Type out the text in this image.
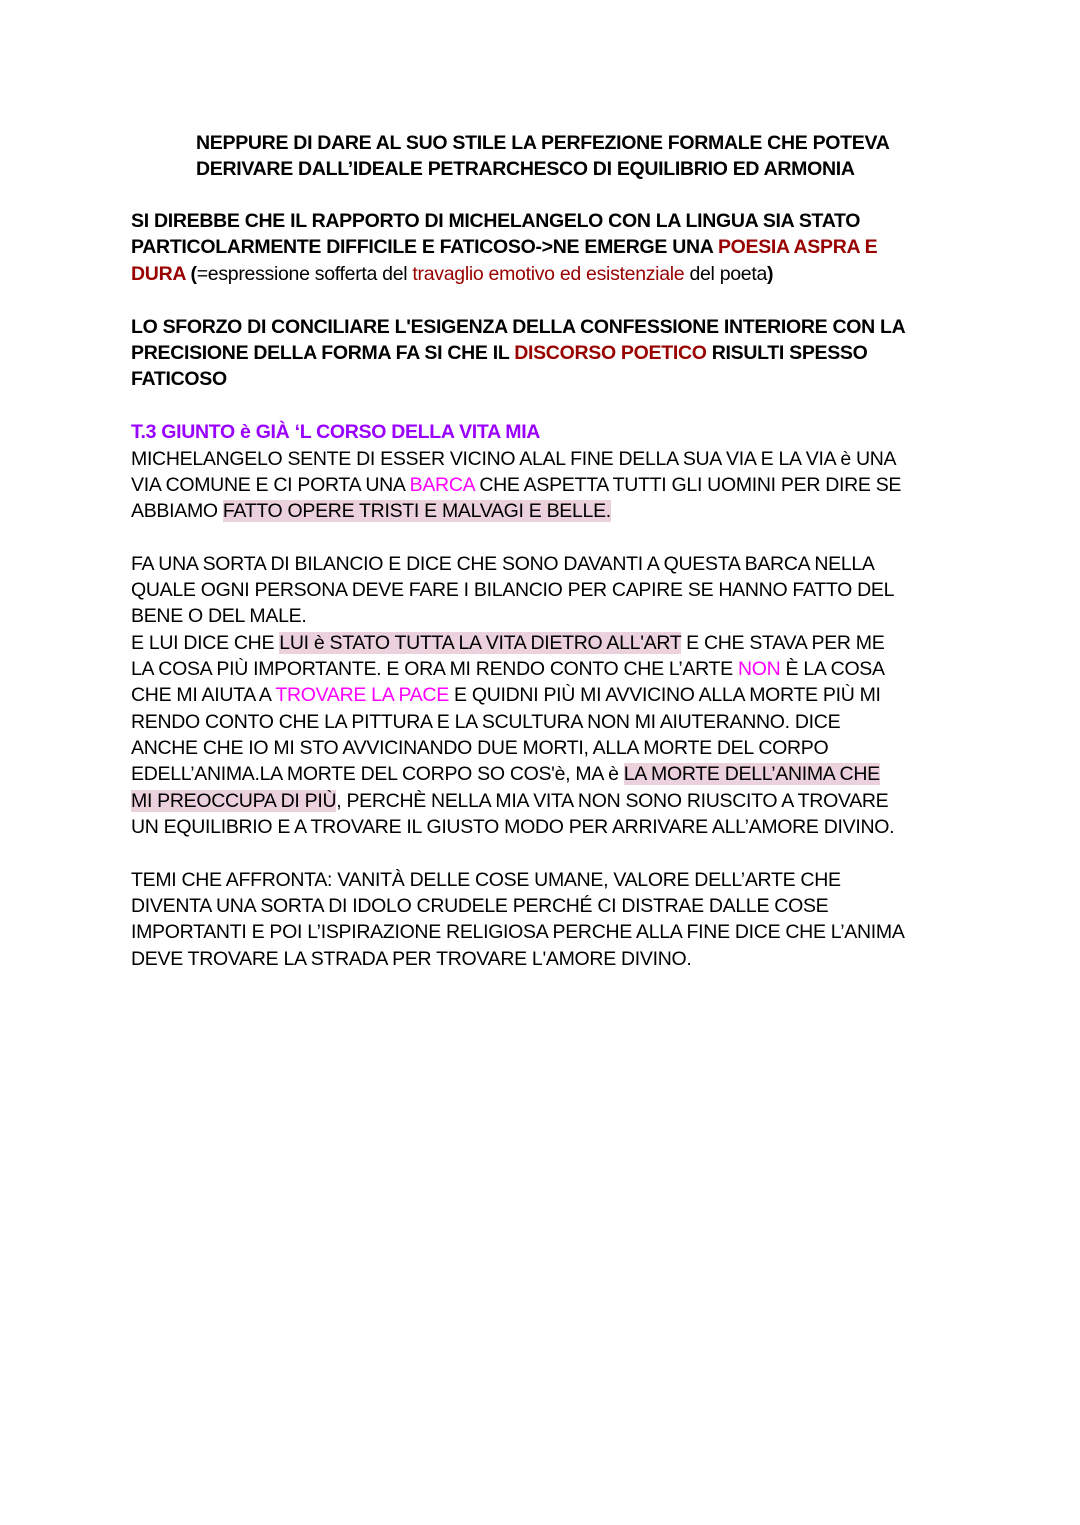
NEPPURE DI DARE AL SUO STILE LA PERFEZIONE FORMALE CHE POTEVA
DERIVARE DALL’IDEALE PETRARCHESCO DI EQUILIBRIO ED ARMONIA
SI DIREBBE CHE IL RAPPORTO DI MICHELANGELO CON LA LINGUA SIA STATO
PARTICOLARMENTE DIFFICILE E FATICOSO->NE EMERGE UNA POESIA ASPRA E
DURA (=espressione sofferta del travaglio emotivo ed esistenziale del poeta)
LO SFORZO DI CONCILIARE L'ESIGENZA DELLA CONFESSIONE INTERIORE CON LA
PRECISIONE DELLA FORMA FA SI CHE IL DISCORSO POETICO RISULTI SPESSO
FATICOSO
T.3 GIUNTO è GIÀ ‘L CORSO DELLA VITA MIA
MICHELANGELO SENTE DI ESSER VICINO ALAL FINE DELLA SUA VIA E LA VIA è UNA
VIA COMUNE E CI PORTA UNA BARCA CHE ASPETTA TUTTI GLI UOMINI PER DIRE SE
ABBIAMO FATTO OPERE TRISTI E MALVAGI E BELLE.
FA UNA SORTA DI BILANCIO E DICE CHE SONO DAVANTI A QUESTA BARCA NELLA
QUALE OGNI PERSONA DEVE FARE I BILANCIO PER CAPIRE SE HANNO FATTO DEL
BENE O DEL MALE.
E LUI DICE CHE LUI è STATO TUTTA LA VITA DIETRO ALL'ART E CHE STAVA PER ME
LA COSA PIÙ IMPORTANTE. E ORA MI RENDO CONTO CHE L’ARTE NON È LA COSA
CHE MI AIUTA A TROVARE LA PACE E QUIDNI PIÙ MI AVVICINO ALLA MORTE PIÙ MI
RENDO CONTO CHE LA PITTURA E LA SCULTURA NON MI AIUTERANNO. DICE
ANCHE CHE IO MI STO AVVICINANDO DUE MORTI, ALLA MORTE DEL CORPO
EDELL’ANIMA.LA MORTE DEL CORPO SO COS'è, MA è LA MORTE DELL’ANIMA CHE
MI PREOCCUPA DI PIÙ, PERCHÈ NELLA MIA VITA NON SONO RIUSCITO A TROVARE
UN EQUILIBRIO E A TROVARE IL GIUSTO MODO PER ARRIVARE ALL’AMORE DIVINO.
TEMI CHE AFFRONTA: VANITÀ DELLE COSE UMANE, VALORE DELL’ARTE CHE
DIVENTA UNA SORTA DI IDOLO CRUDELE PERCHÉ CI DISTRAE DALLE COSE
IMPORTANTI E POI L’ISPIRAZIONE RELIGIOSA PERCHE ALLA FINE DICE CHE L’ANIMA
DEVE TROVARE LA STRADA PER TROVARE L'AMORE DIVINO.
